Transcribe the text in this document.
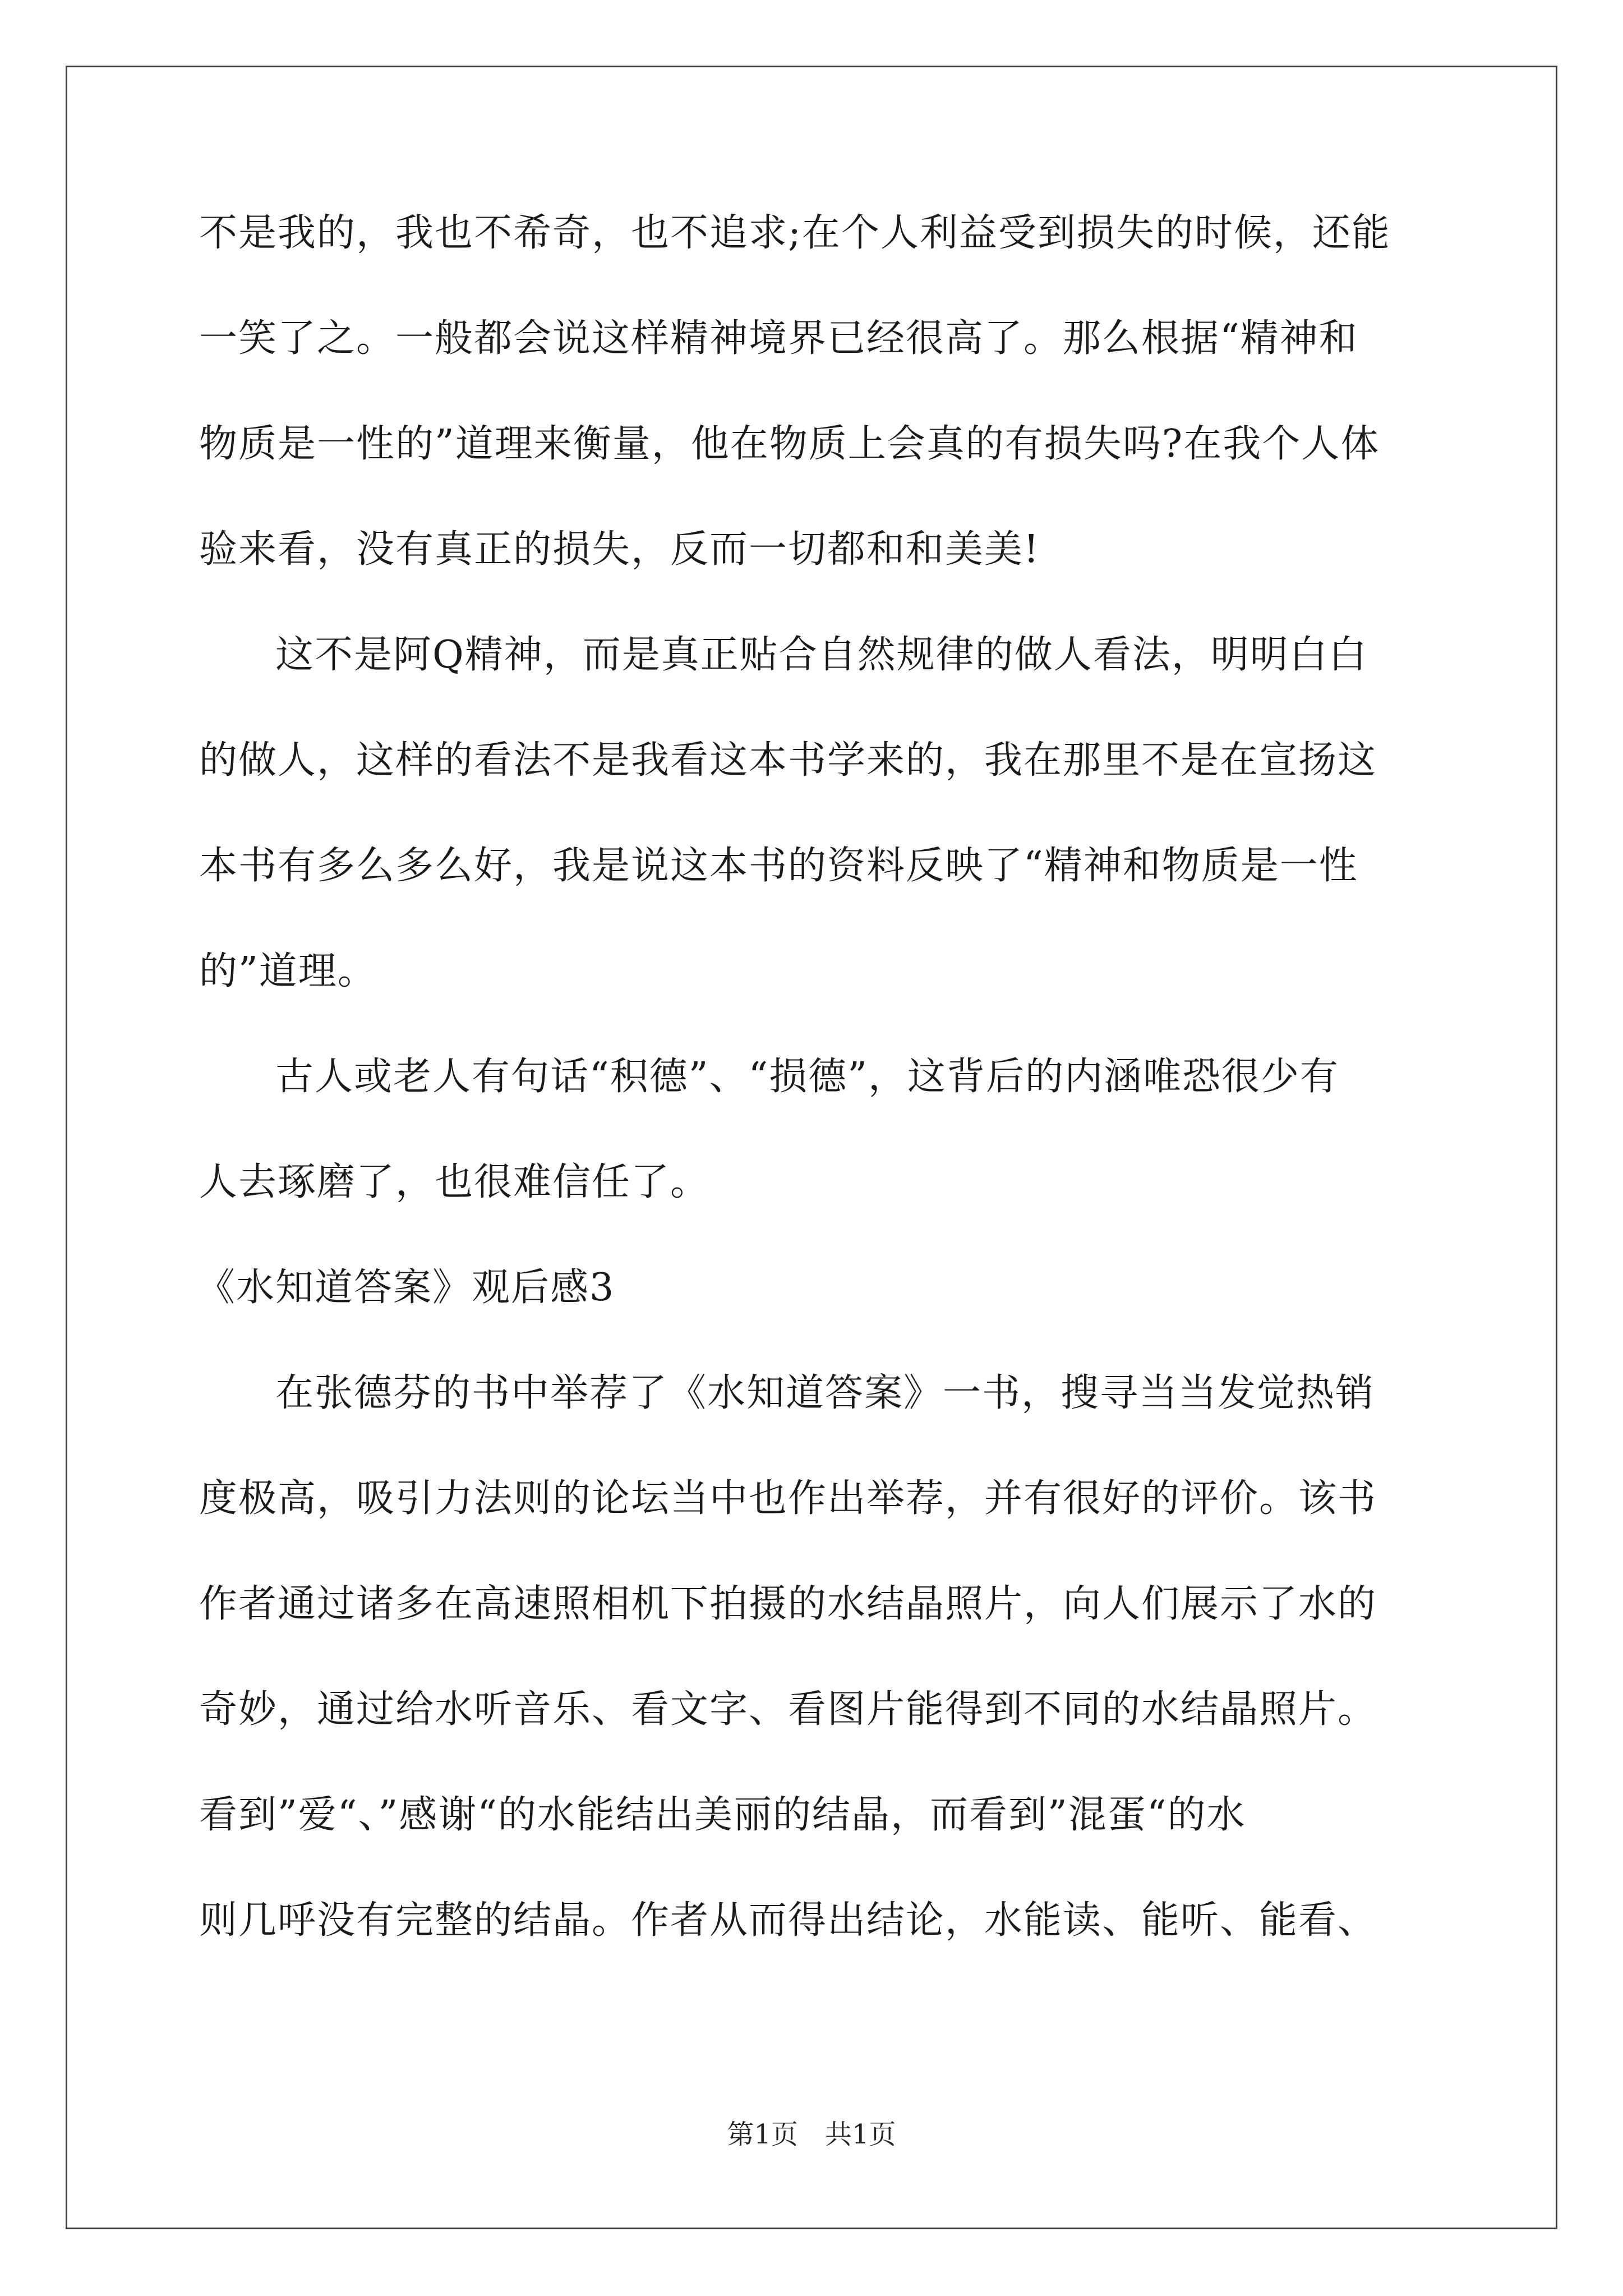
不是我的，我也不希奇，也不追求;在个人利益受到损失的时候，还能
一笑了之。一般都会说这样精神境界已经很高了。那么根据“精神和
物质是一性的”道理来衡量，他在物质上会真的有损失吗?在我个人体
验来看，没有真正的损失，反而一切都和和美美!
这不是阿Q精神，而是真正贴合自然规律的做人看法，明明白白
的做人，这样的看法不是我看这本书学来的，我在那里不是在宣扬这
本书有多么多么好，我是说这本书的资料反映了“精神和物质是一性
的”道理。
古人或老人有句话“积德”、“损德”，这背后的内涵唯恐很少有
人去琢磨了，也很难信任了。
《水知道答案》观后感3
在张德芬的书中举荐了《水知道答案》一书，搜寻当当发觉热销
度极高，吸引力法则的论坛当中也作出举荐，并有很好的评价。该书
作者通过诸多在高速照相机下拍摄的水结晶照片，向人们展示了水的
奇妙，通过给水听音乐、看文字、看图片能得到不同的水结晶照片。
看到”爱“、”感谢“的水能结出美丽的结晶，而看到”混蛋“的水
则几呼没有完整的结晶。作者从而得出结论，水能读、能听、能看、
第1页 共1页
